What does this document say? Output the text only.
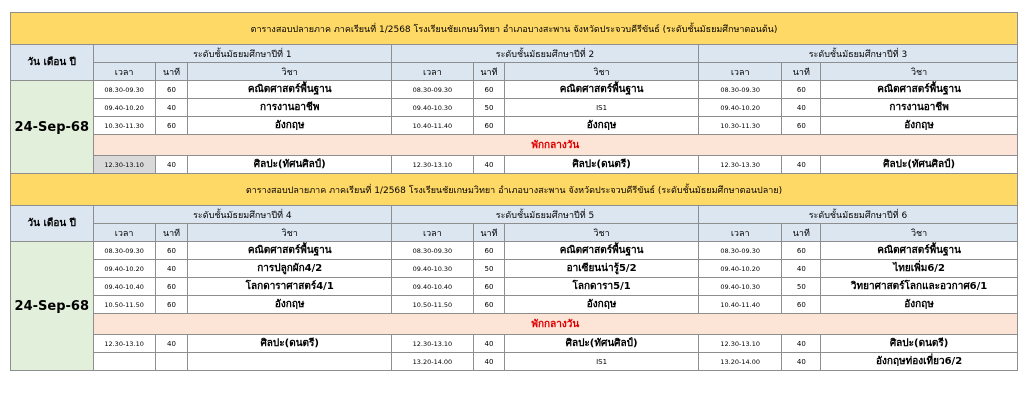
ตารางสอบปลายภาค ภาคเรียนที่ 1/2568 โรงเรียนชัยเกษมวิทยา อำเภอบางสะพาน จังหวัดประจวบคีรีขันธ์ (ระดับชั้นมัธยมศึกษาตอนต้น)									
วัน เดือน ปี	ระดับชั้นมัธยมศึกษาปีที่ 1			ระดับชั้นมัธยมศึกษาปีที่ 2			ระดับชั้นมัธยมศึกษาปีที่ 3		
	เวลา	นาที	วิชา	เวลา	นาที	วิชา	เวลา	นาที	วิชา
24-Sep-68	08.30-09.30	60	คณิตศาสตร์พื้นฐาน	08.30-09.30	60	คณิตศาสตร์พื้นฐาน	08.30-09.30	60	คณิตศาสตร์พื้นฐาน
	09.40-10.20	40	การงานอาชีพ	09.40-10.30	50	IS1	09.40-10.20	40	การงานอาชีพ
	10.30-11.30	60	อังกฤษ	10.40-11.40	60	อังกฤษ	10.30-11.30	60	อังกฤษ
	พักกลางวัน								
	12.30-13.10	40	ศิลปะ(ทัศนศิลป์)	12.30-13.10	40	ศิลปะ(ดนตรี)	12.30-13.30	40	ศิลปะ(ทัศนศิลป์)
ตารางสอบปลายภาค ภาคเรียนที่ 1/2568 โรงเรียนชัยเกษมวิทยา อำเภอบางสะพาน จังหวัดประจวบคีรีขันธ์ (ระดับชั้นมัธยมศึกษาตอนปลาย)									
วัน เดือน ปี	ระดับชั้นมัธยมศึกษาปีที่ 4			ระดับชั้นมัธยมศึกษาปีที่ 5			ระดับชั้นมัธยมศึกษาปีที่ 6		
	เวลา	นาที	วิชา	เวลา	นาที	วิชา	เวลา	นาที	วิชา
24-Sep-68	08.30-09.30	60	คณิตศาสตร์พื้นฐาน	08.30-09.30	60	คณิตศาสตร์พื้นฐาน	08.30-09.30	60	คณิตศาสตร์พื้นฐาน
	09.40-10.20	40	การปลูกผัก4/2	09.40-10.30	50	อาเซียนน่ารู้5/2	09.40-10.20	40	ไทยเพิ่ม6/2
	09.40-10.40	60	โลกดาราศาสตร์4/1	09.40-10.40	60	โลกดารา5/1	09.40-10.30	50	วิทยาศาสตร์โลกและอวกาศ6/1
	10.50-11.50	60	อังกฤษ	10.50-11.50	60	อังกฤษ	10.40-11.40	60	อังกฤษ
	พักกลางวัน								
	12.30-13.10	40	ศิลปะ(ดนตรี)	12.30-13.10	40	ศิลปะ(ทัศนศิลป์)	12.30-13.10	40	ศิลปะ(ดนตรี)
				13.20-14.00	40	IS1	13.20-14.00	40	อังกฤษท่องเที่ยว6/2
